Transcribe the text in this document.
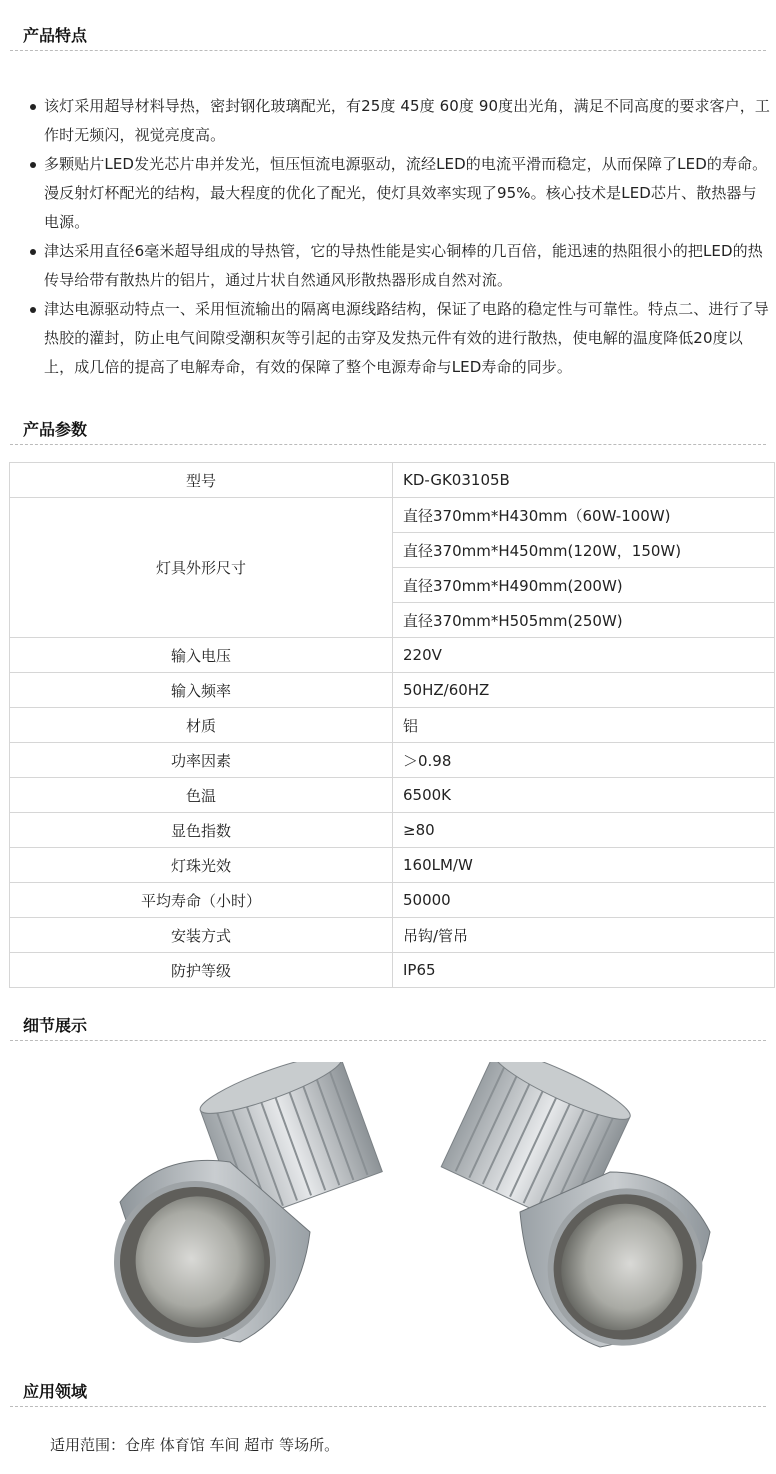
产品特点
该灯采用超导材料导热，密封钢化玻璃配光，有25度 45度 60度 90度出光角，满足不同高度的要求客户，工作时无频闪，视觉亮度高。
多颗贴片LED发光芯片串并发光，恒压恒流电源驱动，流经LED的电流平滑而稳定，从而保障了LED的寿命。漫反射灯杯配光的结构，最大程度的优化了配光，使灯具效率实现了95%。核心技术是LED芯片、散热器与电源。
津达采用直径6毫米超导组成的导热管，它的导热性能是实心铜棒的几百倍，能迅速的热阻很小的把LED的热传导给带有散热片的铝片，通过片状自然通风形散热器形成自然对流。
津达电源驱动特点一、采用恒流输出的隔离电源线路结构，保证了电路的稳定性与可靠性。特点二、进行了导热胶的灌封，防止电气间隙受潮积灰等引起的击穿及发热元件有效的进行散热，使电解的温度降低20度以上，成几倍的提高了电解寿命，有效的保障了整个电源寿命与LED寿命的同步。
产品参数
型号	KD-GK03105B
灯具外形尺寸	直径370mm*H430mm（60W-100W)
	直径370mm*H450mm(120W，150W)
	直径370mm*H490mm(200W)
	直径370mm*H505mm(250W)
输入电压	220V
输入频率	50HZ/60HZ
材质	铝
功率因素	＞0.98
色温	6500K
显色指数	≥80
灯珠光效	160LM/W
平均寿命（小时）	50000
安装方式	吊钩/管吊
防护等级	IP65
细节展示
应用领域
适用范围：仓库 体育馆 车间 超市 等场所。
